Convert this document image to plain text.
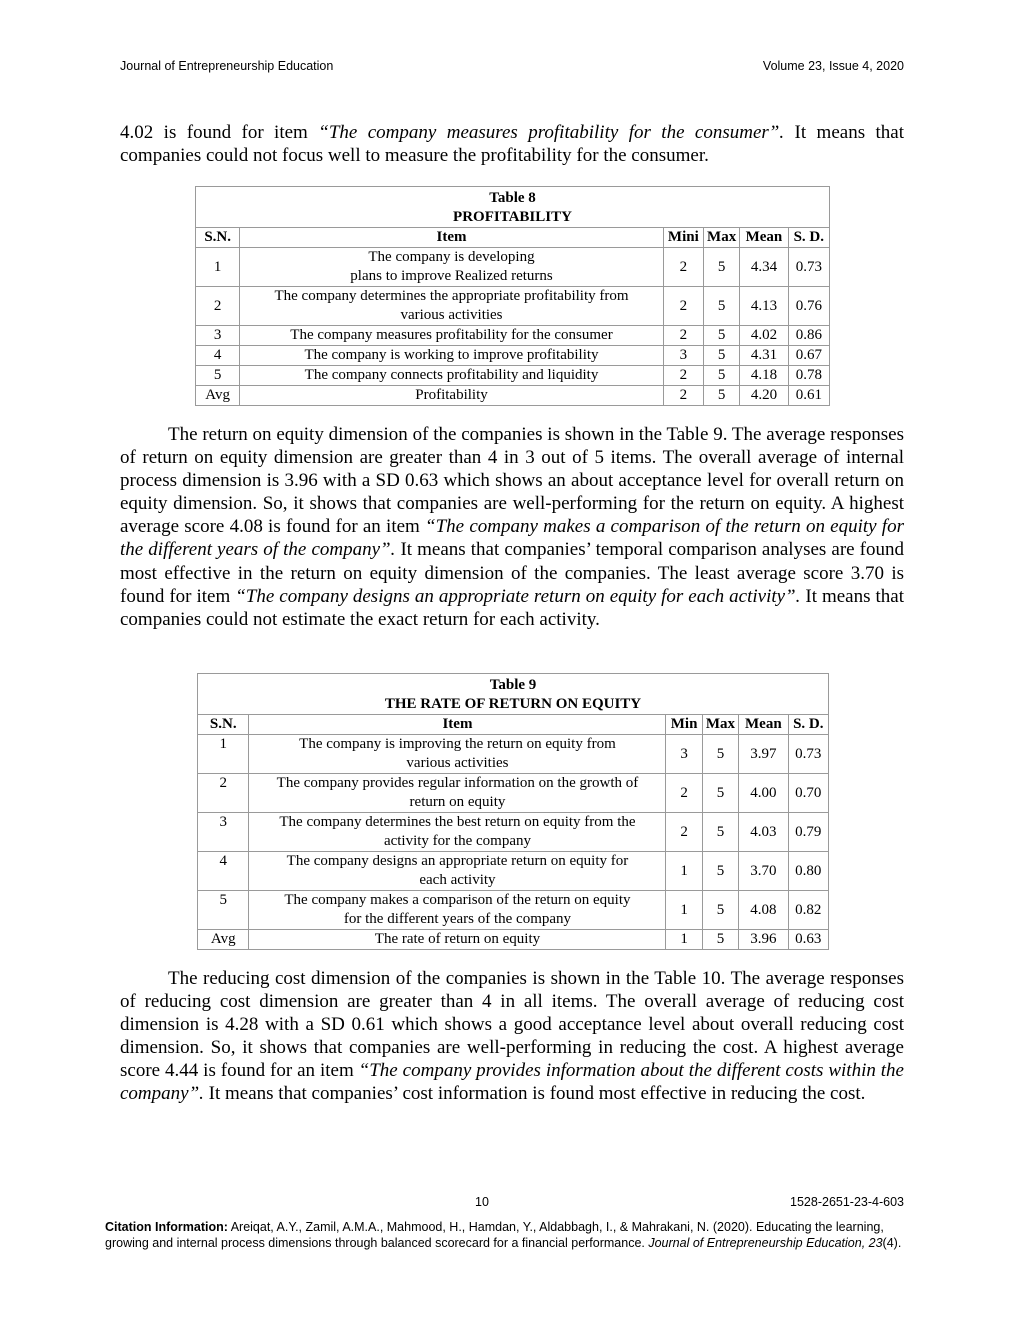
Journal of Entrepreneurship Education	Volume 23, Issue 4, 2020

4.02 is found for item “The company measures profitability for the consumer”. It means that companies could not focus well to measure the profitability for the consumer.

Table 8
PROFITABILITY					

S.N.	Item	Mini	Max	Mean	S. D.
1	The company is developing
plans to improve Realized returns	2	5	4.34	0.73
2	The company determines the appropriate profitability from
various activities	2	5	4.13	0.76
3	The company measures profitability for the consumer	2	5	4.02	0.86
4	The company is working to improve profitability	3	5	4.31	0.67
5	The company connects profitability and liquidity	2	5	4.18	0.78
Avg	Profitability	2	5	4.20	0.61

The return on equity dimension of the companies is shown in the Table 9. The average responses of return on equity dimension are greater than 4 in 3 out of 5 items. The overall average of internal process dimension is 3.96 with a SD 0.63 which shows an about acceptance level for overall return on equity dimension. So, it shows that companies are well-performing for the return on equity. A highest average score 4.08 is found for an item “The company makes a comparison of the return on equity for the different years of the company”. It means that companies’ temporal comparison analyses are found most effective in the return on equity dimension of the companies. The least average score 3.70 is found for item “The company designs an appropriate return on equity for each activity”. It means that companies could not estimate the exact return for each activity.

Table 9
THE RATE OF RETURN ON EQUITY					

S.N.	Item	Min	Max	Mean	S. D.
1	The company is improving the return on equity from
various activities	3	5	3.97	0.73
2	The company provides regular information on the growth of
return on equity	2	5	4.00	0.70
3	The company determines the best return on equity from the
activity for the company	2	5	4.03	0.79
4	The company designs an appropriate return on equity for
each activity	1	5	3.70	0.80
5	The company makes a comparison of the return on equity
for the different years of the company	1	5	4.08	0.82
Avg	The rate of return on equity	1	5	3.96	0.63

The reducing cost dimension of the companies is shown in the Table 10. The average responses of reducing cost dimension are greater than 4 in all items. The overall average of reducing cost dimension is 4.28 with a SD 0.61 which shows a good acceptance level about overall reducing cost dimension. So, it shows that companies are well-performing in reducing the cost. A highest average score 4.44 is found for an item “The company provides information about the different costs within the company”. It means that companies’ cost information is found most effective in reducing the cost.

10	1528-2651-23-4-603
Citation Information: Areiqat, A.Y., Zamil, A.M.A., Mahmood, H., Hamdan, Y., Aldabbagh, I., & Mahrakani, N. (2020). Educating the learning, growing and internal process dimensions through balanced scorecard for a financial performance. Journal of Entrepreneurship Education, 23(4).
